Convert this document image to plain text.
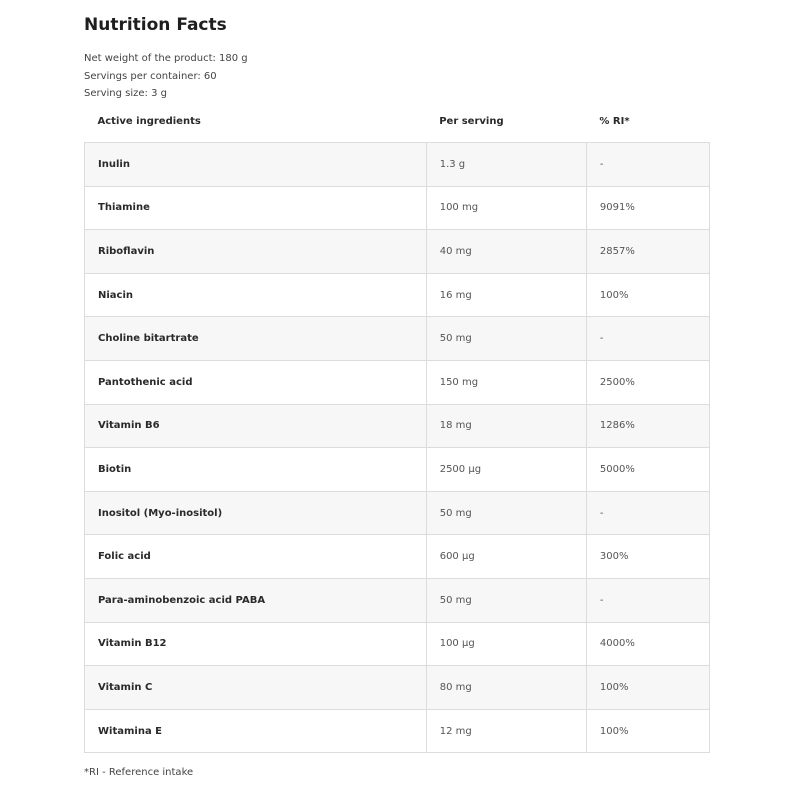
Nutrition Facts
Net weight of the product: 180 g
Servings per container: 60
Serving size: 3 g
Active ingredients	Per serving	% RI*
Inulin	1.3 g	-
Thiamine	100 mg	9091%
Riboflavin	40 mg	2857%
Niacin	16 mg	100%
Choline bitartrate	50 mg	-
Pantothenic acid	150 mg	2500%
Vitamin B6	18 mg	1286%
Biotin	2500 µg	5000%
Inositol (Myo-inositol)	50 mg	-
Folic acid	600 µg	300%
Para-aminobenzoic acid PABA	50 mg	-
Vitamin B12	100 µg	4000%
Vitamin C	80 mg	100%
Witamina E	12 mg	100%
*RI - Reference intake
